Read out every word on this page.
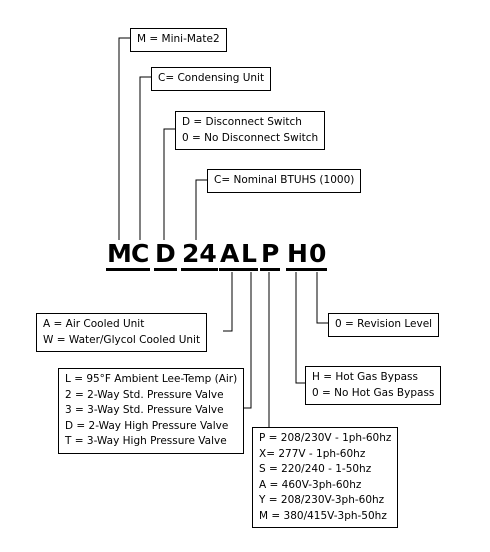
M C D 24 A L P H 0
M = Mini-Mate2
C= Condensing Unit
D = Disconnect Switch
0 = No Disconnect Switch
C= Nominal BTUHS (1000)
A = Air Cooled Unit
W = Water/Glycol Cooled Unit
L = 95°F Ambient Lee-Temp (Air)
2 = 2-Way Std. Pressure Valve
3 = 3-Way Std. Pressure Valve
D = 2-Way High Pressure Valve
T = 3-Way High Pressure Valve	P = 208/230V - 1ph-60hz
X= 277V - 1ph-60hz
S = 220/240 - 1-50hz
A = 460V-3ph-60hz
Y = 208/230V-3ph-60hz
M = 380/415V-3ph-50hz
H = Hot Gas Bypass
0 = No Hot Gas Bypass
0 = Revision Level
